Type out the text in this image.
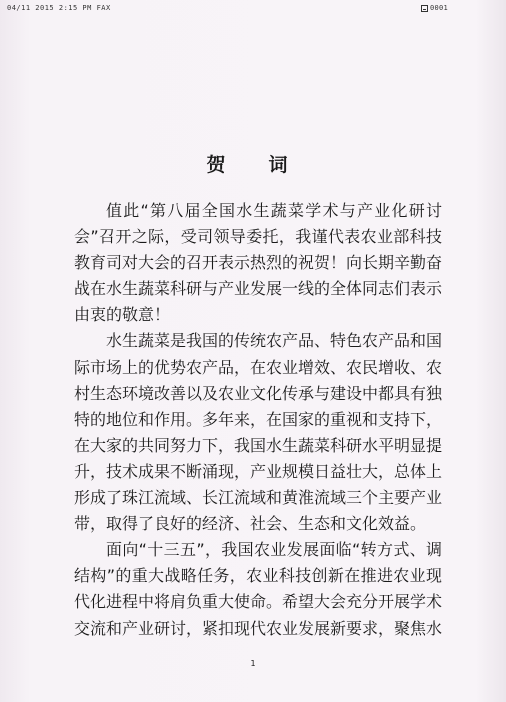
04/11 2015 2:15 PM FAX	0001
贺　词

值此“第八届全国水生蔬菜学术与产业化研讨会”召开之际，受司领导委托，我谨代表农业部科技教育司对大会的召开表示热烈的祝贺！向长期辛勤奋战在水生蔬菜科研与产业发展一线的全体同志们表示由衷的敬意！

水生蔬菜是我国的传统农产品、特色农产品和国际市场上的优势农产品，在农业增效、农民增收、农村生态环境改善以及农业文化传承与建设中都具有独特的地位和作用。多年来，在国家的重视和支持下，在大家的共同努力下，我国水生蔬菜科研水平明显提升，技术成果不断涌现，产业规模日益壮大，总体上形成了珠江流域、长江流域和黄淮流域三个主要产业带，取得了良好的经济、社会、生态和文化效益。

面向“十三五”，我国农业发展面临“转方式、调结构”的重大战略任务，农业科技创新在推进农业现代化进程中将肩负重大使命。希望大会充分开展学术交流和产业研讨，紧扣现代农业发展新要求，聚焦水

1
